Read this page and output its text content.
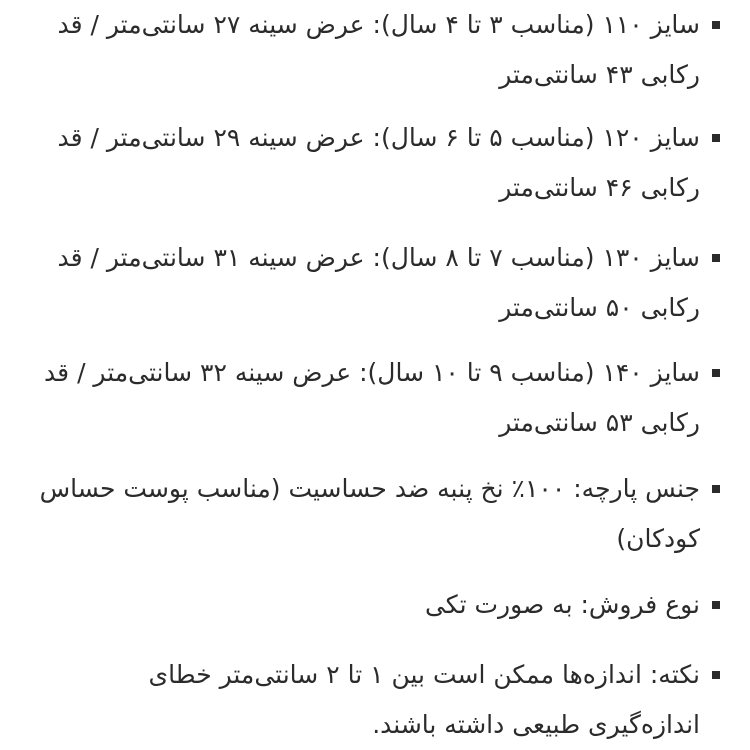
سایز ۱۱۰ (مناسب ۳ تا ۴ سال): عرض سینه ۲۷ سانتی‌متر / قد رکابی ۴۳ سانتی‌متر
سایز ۱۲۰ (مناسب ۵ تا ۶ سال): عرض سینه ۲۹ سانتی‌متر / قد رکابی ۴۶ سانتی‌متر
سایز ۱۳۰ (مناسب ۷ تا ۸ سال): عرض سینه ۳۱ سانتی‌متر / قد رکابی ۵۰ سانتی‌متر
سایز ۱۴۰ (مناسب ۹ تا ۱۰ سال): عرض سینه ۳۲ سانتی‌متر / قد رکابی ۵۳ سانتی‌متر
جنس پارچه: ۱۰۰٪ نخ پنبه ضد حساسیت (مناسب پوست حساس کودکان)
نوع فروش: به صورت تکی
نکته: اندازه‌ها ممکن است بین ۱ تا ۲ سانتی‌متر خطای اندازه‌گیری طبیعی داشته باشند.
